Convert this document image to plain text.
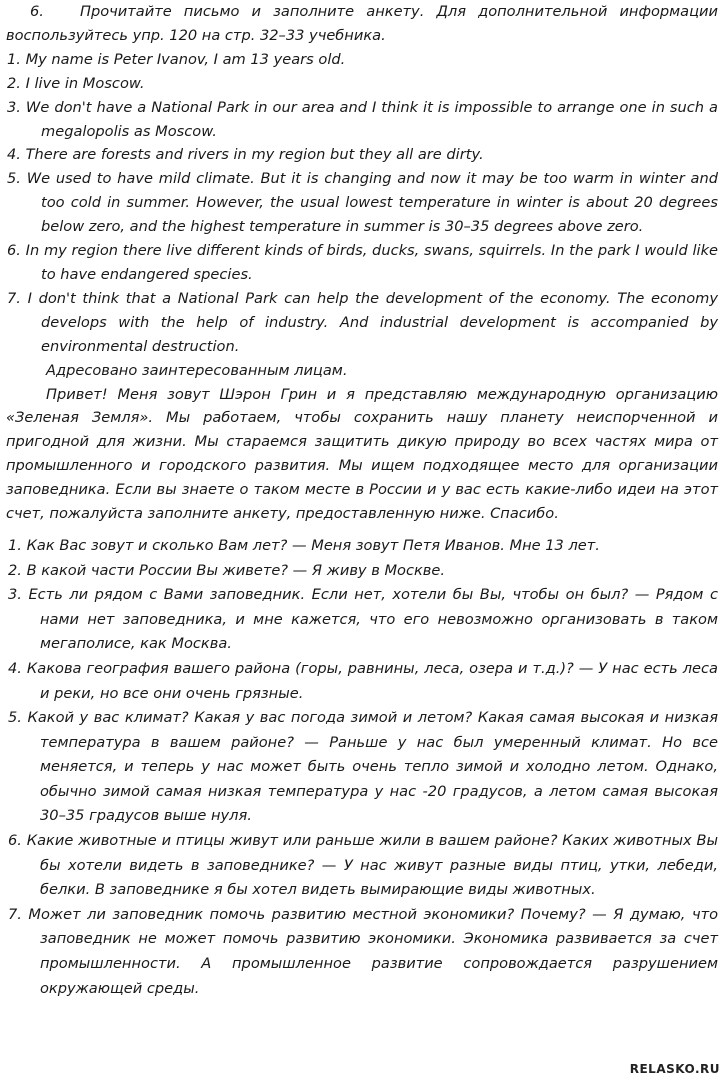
6. Прочитайте письмо и заполните анкету. Для дополнительной информации воспользуйтесь упр. 120 на стр. 32–33 учебника.

1. My name is Peter Ivanov, I am 13 years old.

2. I live in Moscow.

3. We don't have a National Park in our area and I think it is impossible to arrange one in such a megalopolis as Moscow.

4. There are forests and rivers in my region but they all are dirty.

5. We used to have mild climate. But it is changing and now it may be too warm in winter and too cold in summer. However, the usual lowest temperature in winter is about 20 degrees below zero, and the highest temperature in summer is 30–35 degrees above zero.

6. In my region there live different kinds of birds, ducks, swans, squirrels. In the park I would like to have endangered species.

7. I don't think that a National Park can help the development of the economy. The economy develops with the help of industry. And industrial development is accompanied by environmental destruction.

Адресовано заинтересованным лицам.

Привет! Меня зовут Шэрон Грин и я представляю международную организацию «Зеленая Земля». Мы работаем, чтобы сохранить нашу планету неиспорченной и пригодной для жизни. Мы стараемся защитить дикую природу во всех частях мира от промышленного и городского развития. Мы ищем подходящее место для организации заповедника. Если вы знаете о таком месте в России и у вас есть какие-либо идеи на этот счет, пожалуйста заполните анкету, предоставленную ниже. Спасибо.

1. Как Вас зовут и сколько Вам лет? — Меня зовут Петя Иванов. Мне 13 лет.

2. В какой части России Вы живете? — Я живу в Москве.

3. Есть ли рядом с Вами заповедник. Если нет, хотели бы Вы, чтобы он был? — Рядом с нами нет заповедника, и мне кажется, что его невозможно организовать в таком мегаполисе, как Москва.

4. Какова география вашего района (горы, равнины, леса, озера и т.д.)? — У нас есть леса и реки, но все они очень грязные.

5. Какой у вас климат? Какая у вас погода зимой и летом? Какая самая высокая и низкая температура в вашем районе? — Раньше у нас был умеренный климат. Но все меняется, и теперь у нас может быть очень тепло зимой и холодно летом. Однако, обычно зимой самая низкая температура у нас -20 градусов, а летом самая высокая 30–35 градусов выше нуля.

6. Какие животные и птицы живут или раньше жили в вашем районе? Каких животных Вы бы хотели видеть в заповеднике? — У нас живут разные виды птиц, утки, лебеди, белки. В заповеднике я бы хотел видеть вымирающие виды животных.

7. Может ли заповедник помочь развитию местной экономики? Почему? — Я думаю, что заповедник не может помочь развитию экономики. Экономика развивается за счет промышленности. А промышленное развитие сопровождается разрушением окружающей среды.

RELASKO.RU
